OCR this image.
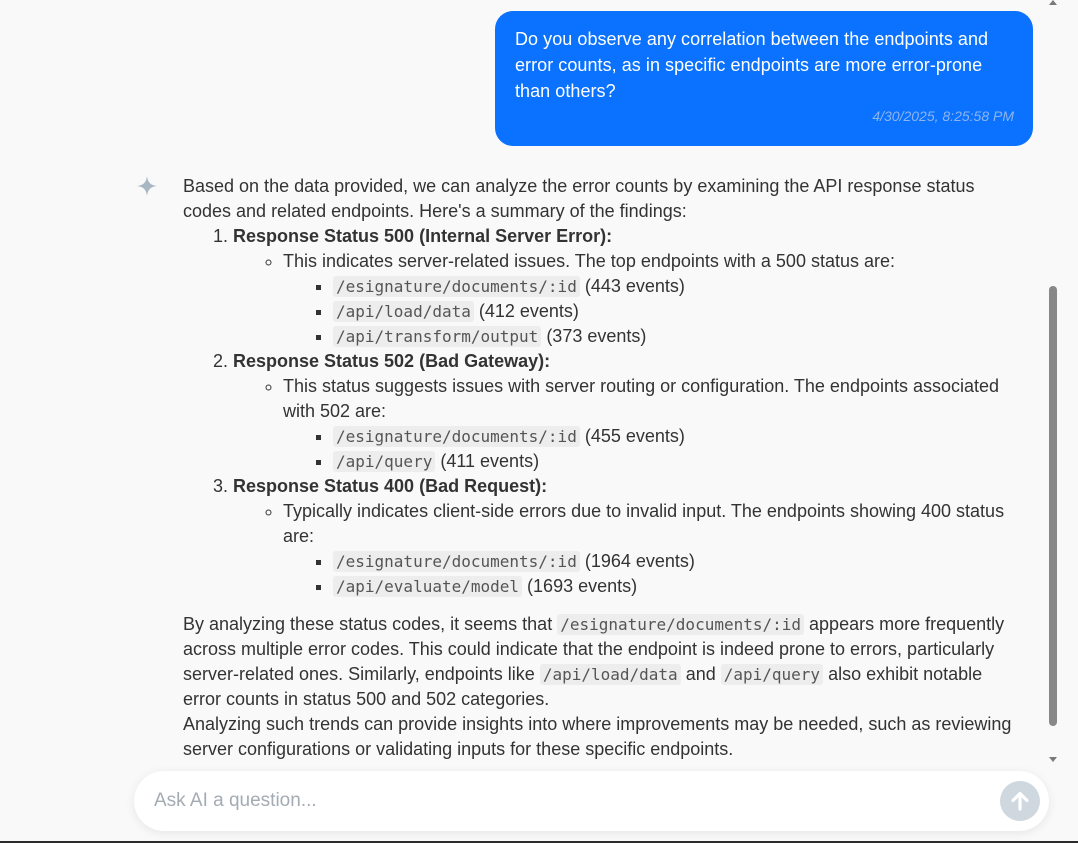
Do you observe any correlation between the endpoints and error counts, as in specific endpoints are more error-prone than others?
4/30/2025, 8:25:58 PM

Based on the data provided, we can analyze the error counts by examining the API response status codes and related endpoints. Here's a summary of the findings:

1. Response Status 500 (Internal Server Error):
◦ This indicates server-related issues. The top endpoints with a 500 status are:
▪ /esignature/documents/:id (443 events)
▪ /api/load/data (412 events)
▪ /api/transform/output (373 events)
2. Response Status 502 (Bad Gateway):
◦ This status suggests issues with server routing or configuration. The endpoints associated with 502 are:
▪ /esignature/documents/:id (455 events)
▪ /api/query (411 events)
3. Response Status 400 (Bad Request):
◦ Typically indicates client-side errors due to invalid input. The endpoints showing 400 status are:
▪ /esignature/documents/:id (1964 events)
▪ /api/evaluate/model (1693 events)

By analyzing these status codes, it seems that /esignature/documents/:id appears more frequently across multiple error codes. This could indicate that the endpoint is indeed prone to errors, particularly server-related ones. Similarly, endpoints like /api/load/data and /api/query also exhibit notable error counts in status 500 and 502 categories.

Analyzing such trends can provide insights into where improvements may be needed, such as reviewing server configurations or validating inputs for these specific endpoints.

Ask AI a question...
